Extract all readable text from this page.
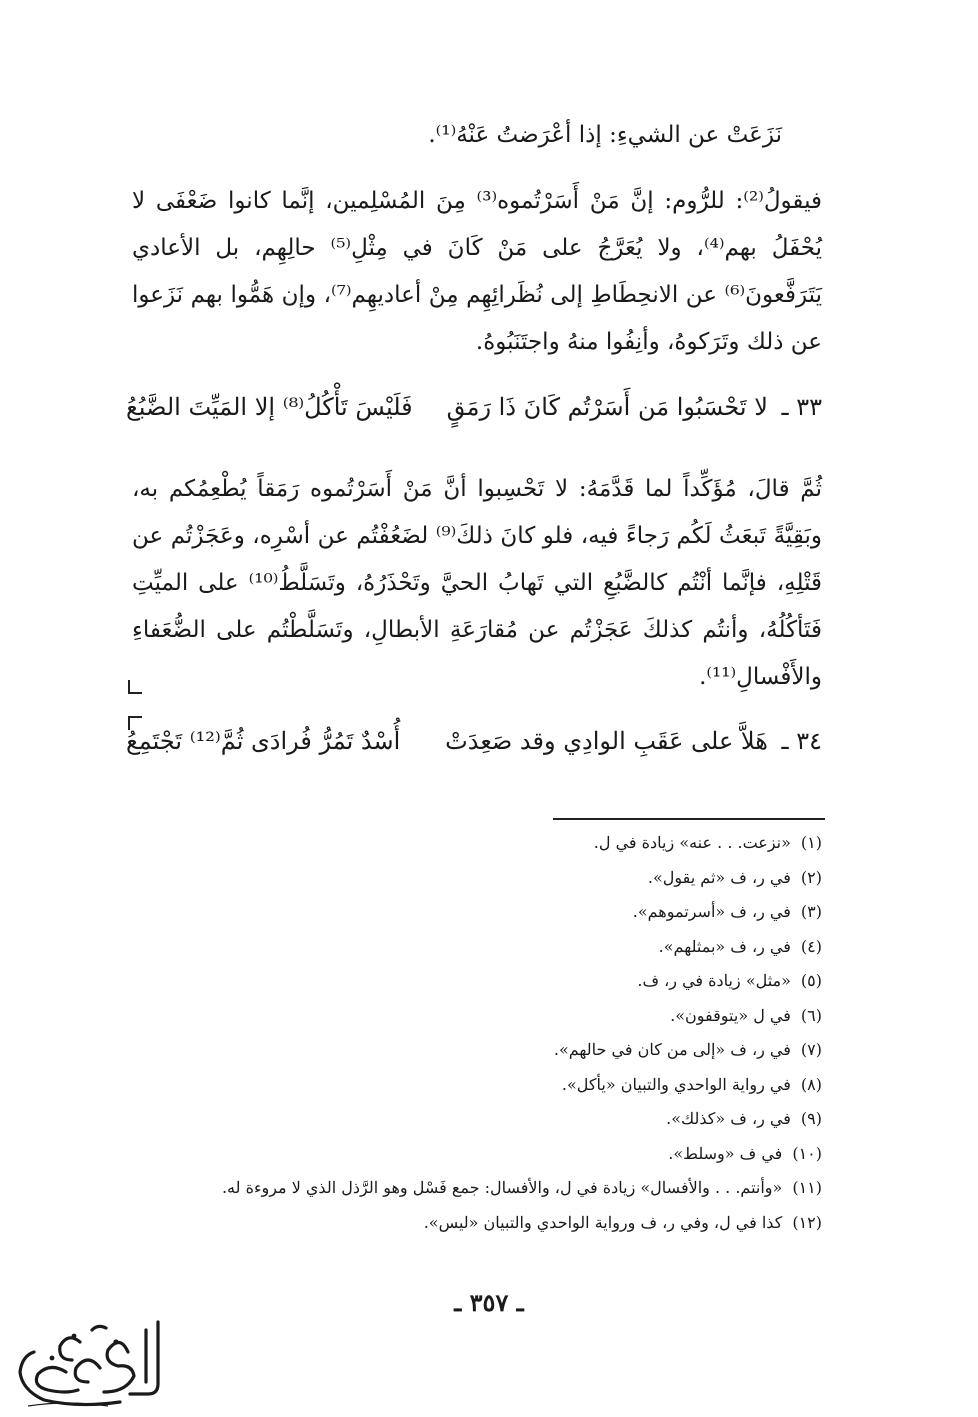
نَزَعَتْ عن الشيءِ: إذا أعْرَضتُ عَنْهُ⁽¹⁾.
فيقولُ⁽²⁾: للرُّوم: إنَّ مَنْ أَسَرْتُموه⁽³⁾ مِنَ المُسْلِمين، إنَّما كانوا ضَعْفَى لا يُحْفَلُ بهم⁽⁴⁾، ولا يُعَرَّجُ على مَنْ كَانَ في مِثْلِ⁽⁵⁾ حالِهِم، بل الأعادي يَتَرَفَّعونَ⁽⁶⁾ عن الانحِطَاطِ إلى نُظَرائِهِم مِنْ أعاديهِم⁽⁷⁾، وإن هَمُّوا بهم نَزَعوا عن ذلك وتَرَكوهُ، وأنِفُوا منهُ واجتَنَبُوهُ.
٣٣ ـ لا تَحْسَبُوا مَن أَسَرْتُم كَانَ ذَا رَمَقٍ
فَلَيْسَ تَأْكُلُ⁽⁸⁾ إلا المَيِّتَ الضَّبُعُ
ثُمَّ قالَ، مُؤَكِّداً لما قَدَّمَهُ: لا تَحْسِبوا أنَّ مَنْ أَسَرْتُموه رَمَقاً يُطْعِمُكم به، وبَقِيَّةً تَبعَثُ لَكُم رَجاءً فيه، فلو كانَ ذلكَ⁽⁹⁾ لضَعُفْتُم عن أسْرِه، وعَجَزْتُم عن قَتْلِهِ، فإنَّما أنْتُم كالضَّبُعِ التي تَهابُ الحيَّ وتَحْذَرُهُ، وتَسَلَّطُ⁽¹⁰⁾ على الميِّتِ فَتَأكُلُهُ، وأنتُم كذلكَ عَجَزْتُم عن مُقارَعَةِ الأبطالِ، وتَسَلَّطْتُم على الضُّعَفاءِ والأَفْسالِ⁽¹¹⁾.
٣٤ ـ هَلاَّ على عَقَبِ الوادِي وقد صَعِدَتْ
أُسْدٌ تَمُرُّ فُرادَى ثُمَّ⁽¹²⁾ تَجْتَمِعُ
(١)«نزعت. . . عنه» زيادة في ل.
(٢)في ر، ف «ثم يقول».
(٣)في ر، ف «أسرتموهم».
(٤)في ر، ف «بمثلهم».
(٥)«مثل» زيادة في ر، ف.
(٦)في ل «يتوقفون».
(٧)في ر، ف «إلى من كان في حالهم».
(٨)في رواية الواحدي والتبيان «يأكل».
(٩)في ر، ف «كذلك».
(١٠)في ف «وسلط».
(١١)«وأنتم. . . والأفسال» زيادة في ل، والأفسال: جمع فَسْل وهو الرَّذل الذي لا مروءة له.
(١٢)كذا في ل، وفي ر، ف ورواية الواحدي والتبيان «ليس».
ـ ٣٥٧ ـ
